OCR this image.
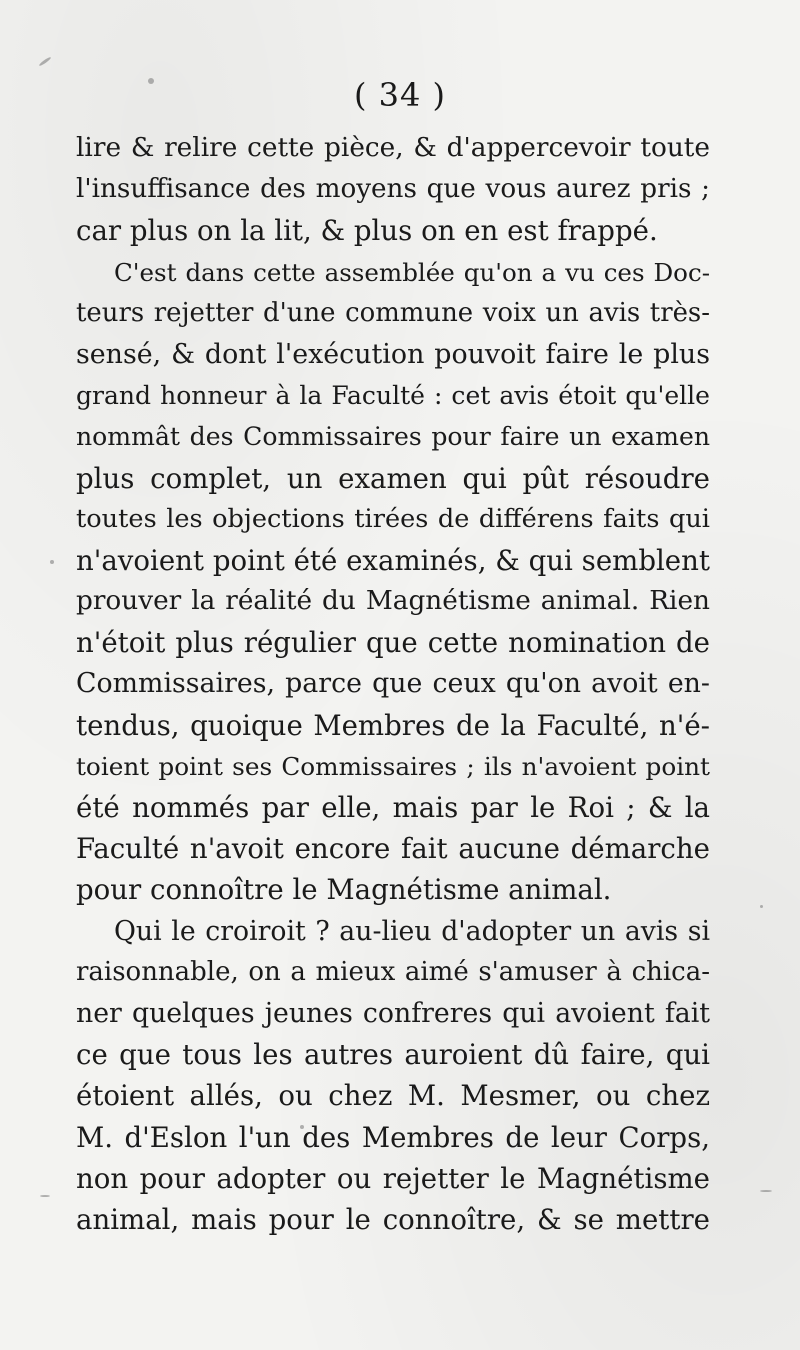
( 34 )
lire & relire cette pièce, & d'appercevoir toute
l'insuffisance des moyens que vous aurez pris ;
car plus on la lit, & plus on en est frappé.
C'est dans cette assemblée qu'on a vu ces Doc-
teurs rejetter d'une commune voix un avis très-
sensé, & dont l'exécution pouvoit faire le plus
grand honneur à la Faculté : cet avis étoit qu'elle
nommât des Commissaires pour faire un examen
plus complet, un examen qui pût résoudre
toutes les objections tirées de différens faits qui
n'avoient point été examinés, & qui semblent
prouver la réalité du Magnétisme animal. Rien
n'étoit plus régulier que cette nomination de
Commissaires, parce que ceux qu'on avoit en-
tendus, quoique Membres de la Faculté, n'é-
toient point ses Commissaires ; ils n'avoient point
été nommés par elle, mais par le Roi ; & la
Faculté n'avoit encore fait aucune démarche
pour connoître le Magnétisme animal.
Qui le croiroit ? au-lieu d'adopter un avis si
raisonnable, on a mieux aimé s'amuser à chica-
ner quelques jeunes confreres qui avoient fait
ce que tous les autres auroient dû faire, qui
étoient allés, ou chez M. Mesmer, ou chez
M. d'Eslon l'un des Membres de leur Corps,
non pour adopter ou rejetter le Magnétisme
animal, mais pour le connoître, & se mettre
